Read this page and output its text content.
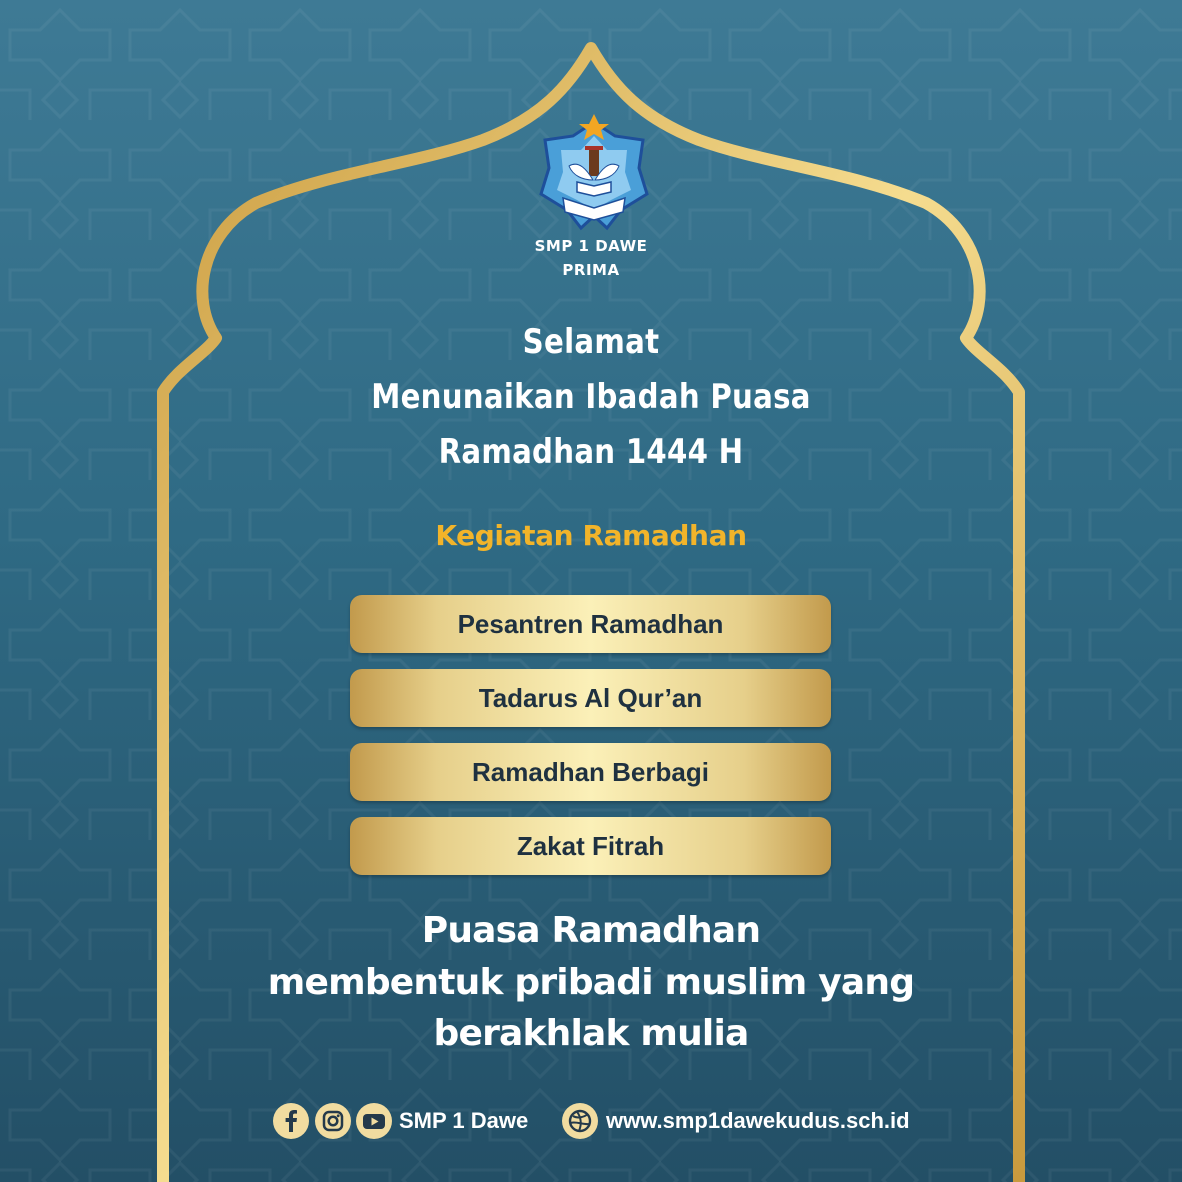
SMP 1 DAWE
PRIMA
Selamat
Menunaikan Ibadah Puasa
Ramadhan 1444 H
Kegiatan Ramadhan
Pesantren Ramadhan
Tadarus Al Qur’an
Ramadhan Berbagi
Zakat Fitrah
Puasa Ramadhan
membentuk pribadi muslim yang
berakhlak mulia
SMP 1 Dawe	www.smp1dawekudus.sch.id
